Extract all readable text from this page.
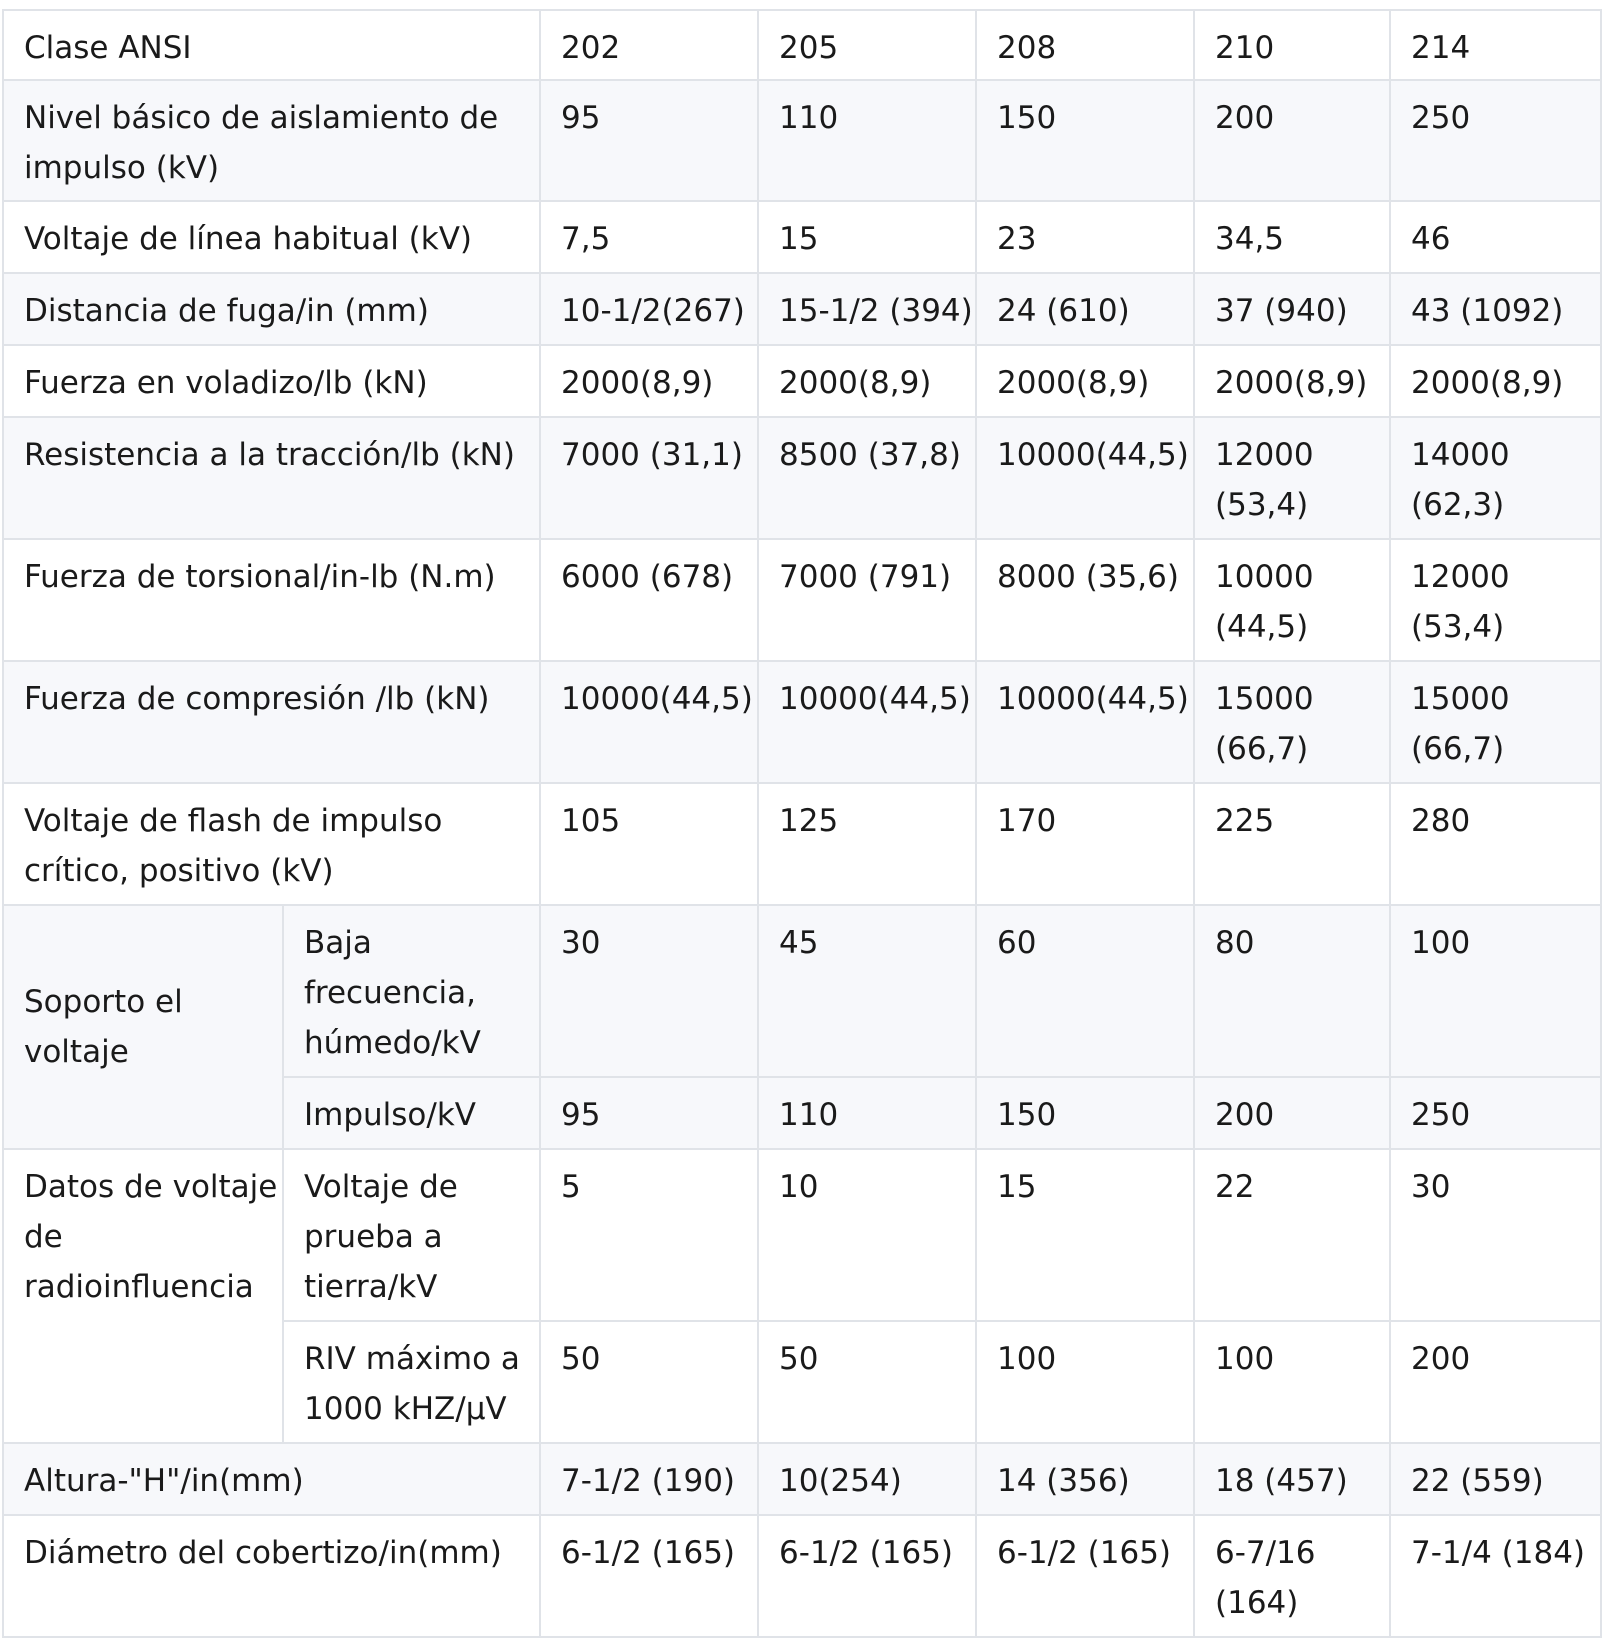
Clase ANSI		202	205	208	210	214
Nivel básico de aislamiento de impulso (kV)		95	110	150	200	250
Voltaje de línea habitual (kV)		7,5	15	23	34,5	46
Distancia de fuga/in (mm)		10-1/2(267)	15-1/2 (394)	24 (610)	37 (940)	43 (1092)
Fuerza en voladizo/lb (kN)		2000(8,9)	2000(8,9)	2000(8,9)	2000(8,9)	2000(8,9)
Resistencia a la tracción/lb (kN)		7000 (31,1)	8500 (37,8)	10000(44,5)	12000 (53,4)	14000 (62,3)
Fuerza de torsional/in-lb (N.m)		6000 (678)	7000 (791)	8000 (35,6)	10000 (44,5)	12000 (53,4)
Fuerza de compresión /lb (kN)		10000(44,5)	10000(44,5)	10000(44,5)	15000 (66,7)	15000 (66,7)
Voltaje de flash de impulso crítico, positivo (kV)		105	125	170	225	280
Soporto el voltaje	Baja frecuencia, húmedo/kV	30	45	60	80	100
	Impulso/kV	95	110	150	200	250
Datos de voltaje de radioinfluencia	Voltaje de prueba a tierra/kV	5	10	15	22	30
	RIV máximo a 1000 kHZ/μV	50	50	100	100	200
Altura-"H"/in(mm)		7-1/2 (190)	10(254)	14 (356)	18 (457)	22 (559)
Diámetro del cobertizo/in(mm)		6-1/2 (165)	6-1/2 (165)	6-1/2 (165)	6-7/16 (164)	7-1/4 (184)
